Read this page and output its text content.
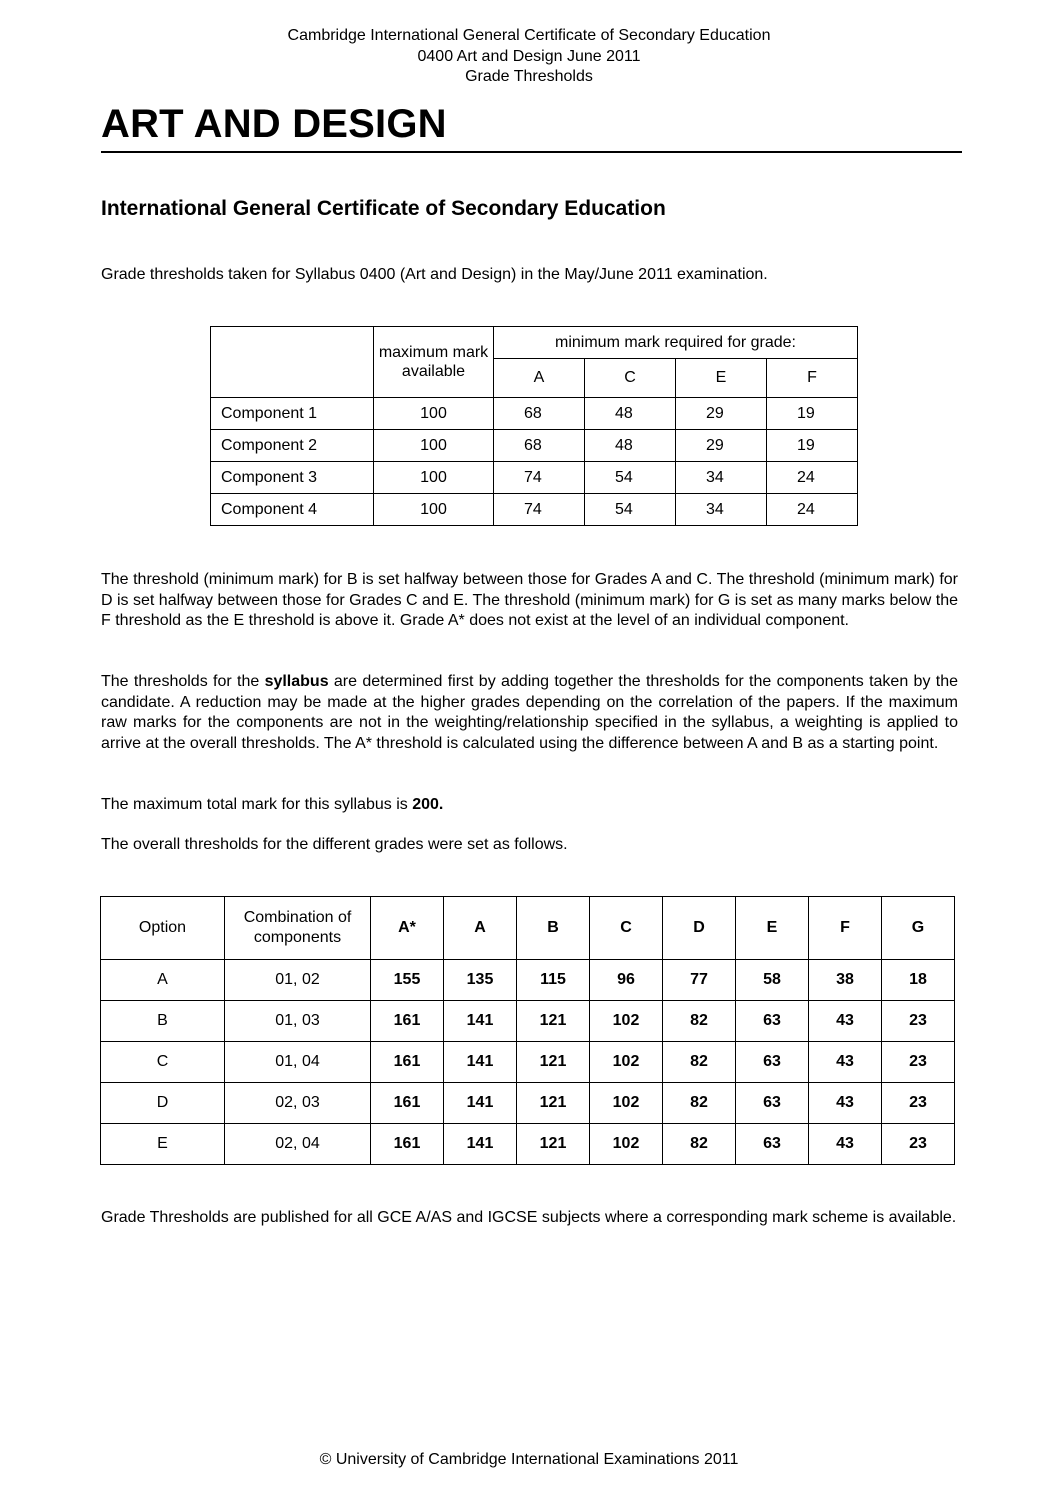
Cambridge International General Certificate of Secondary Education
0400 Art and Design June 2011
Grade Thresholds
ART AND DESIGN
International General Certificate of Secondary Education

Grade thresholds taken for Syllabus 0400 (Art and Design) in the May/June 2011 examination.

	maximum mark available	minimum mark required for grade:			
		A	C	E	F
Component 1	100	68	48	29	19
Component 2	100	68	48	29	19
Component 3	100	74	54	34	24
Component 4	100	74	54	34	24

The threshold (minimum mark) for B is set halfway between those for Grades A and C. The threshold (minimum mark) for D is set halfway between those for Grades C and E. The threshold (minimum mark) for G is set as many marks below the F threshold as the E threshold is above it. Grade A* does not exist at the level of an individual component.

The thresholds for the syllabus are determined first by adding together the thresholds for the components taken by the candidate. A reduction may be made at the higher grades depending on the correlation of the papers. If the maximum raw marks for the components are not in the weighting/relationship specified in the syllabus, a weighting is applied to arrive at the overall thresholds. The A* threshold is calculated using the difference between A and B as a starting point.

The maximum total mark for this syllabus is 200.

The overall thresholds for the different grades were set as follows.

Option	Combination of components	A*	A	B	C	D	E	F	G
A	01, 02	155	135	115	96	77	58	38	18
B	01, 03	161	141	121	102	82	63	43	23
C	01, 04	161	141	121	102	82	63	43	23
D	02, 03	161	141	121	102	82	63	43	23
E	02, 04	161	141	121	102	82	63	43	23

Grade Thresholds are published for all GCE A/AS and IGCSE subjects where a corresponding mark scheme is available.

© University of Cambridge International Examinations 2011
